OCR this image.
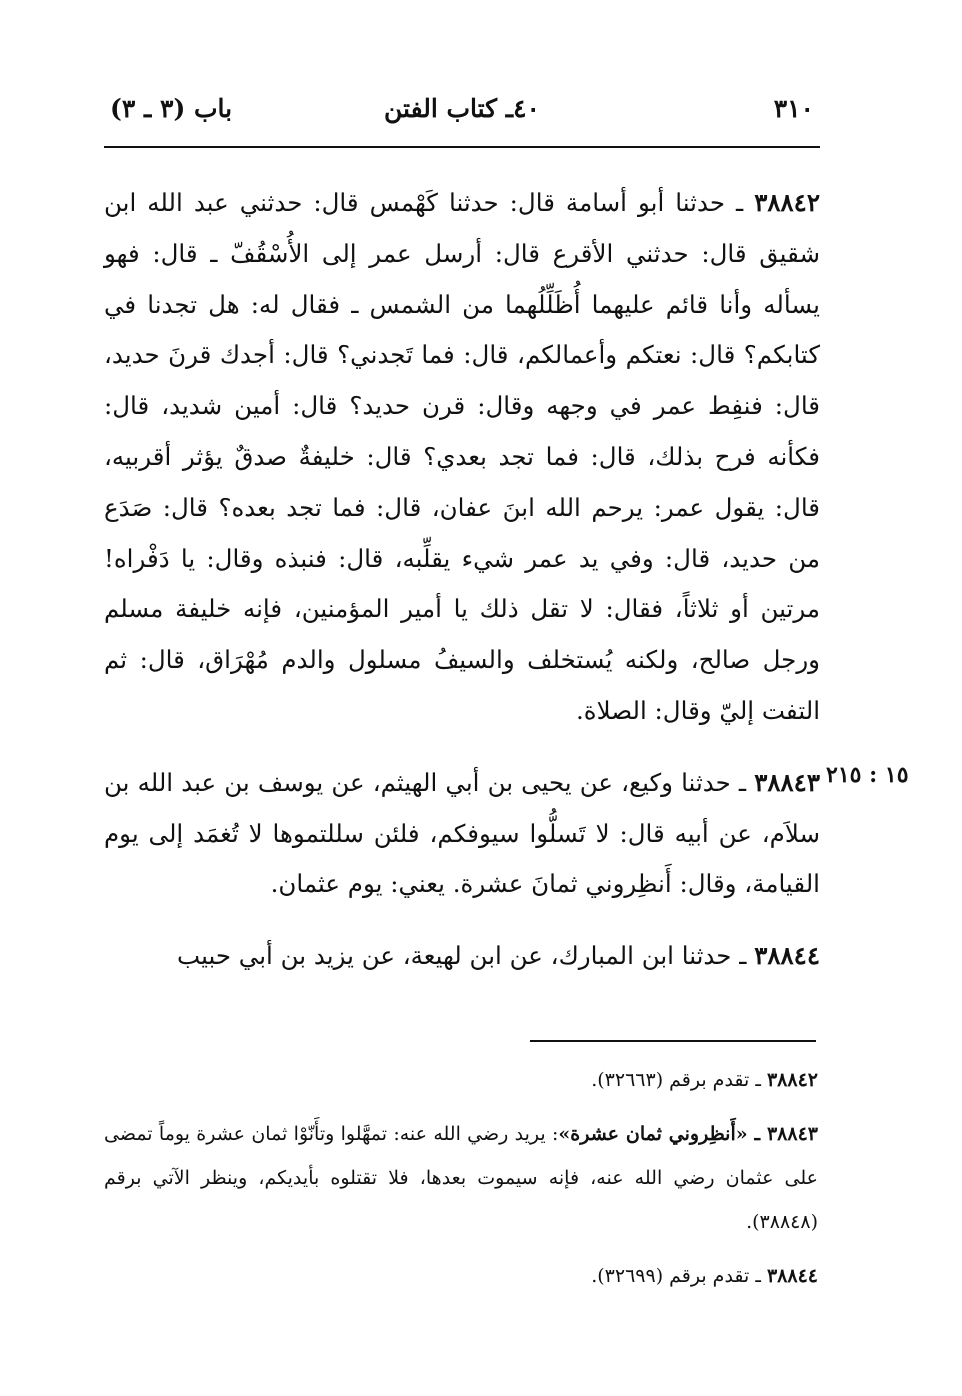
٣١٠
٤٠ـ كتاب الفتن
باب (٣ ـ ٣)
١٥ : ٢١٥

٣٨٨٤٢ ـ حدثنا أبو أسامة قال: حدثنا كَهْمس قال: حدثني عبد الله ابن شقيق قال: حدثني الأقرع قال: أرسل عمر إلى الأُسْقُفّ ـ قال: فهو يسأله وأنا قائم عليهما أُظَلِّلُهما من الشمس ـ فقال له: هل تجدنا في كتابكم؟ قال: نعتكم وأعمالكم، قال: فما تَجدني؟ قال: أجدك قرنَ حديد، قال: فنفِط عمر في وجهه وقال: قرن حديد؟ قال: أمين شديد، قال: فكأنه فرح بذلك، قال: فما تجد بعدي؟ قال: خليفةٌ صدقٌ يؤثر أقربيه، قال: يقول عمر: يرحم الله ابنَ عفان، قال: فما تجد بعده؟ قال: صَدَع من حديد، قال: وفي يد عمر شيء يقلِّبه، قال: فنبذه وقال: يا دَفْراه! مرتين أو ثلاثاً، فقال: لا تقل ذلك يا أمير المؤمنين، فإنه خليفة مسلم ورجل صالح، ولكنه يُستخلف والسيفُ مسلول والدم مُهْرَاق، قال: ثم التفت إليّ وقال: الصلاة.

٣٨٨٤٣ ـ حدثنا وكيع، عن يحيى بن أبي الهيثم، عن يوسف بن عبد الله بن سلاَم، عن أبيه قال: لا تَسلُّوا سيوفكم، فلئن سللتموها لا تُغمَد إلى يوم القيامة، وقال: أَنظِروني ثمانَ عشرة. يعني: يوم عثمان.

٣٨٨٤٤ ـ حدثنا ابن المبارك، عن ابن لهيعة، عن يزيد بن أبي حبيب

٣٨٨٤٢ ـ تقدم برقم (٣٢٦٦٣).

٣٨٨٤٣ ـ «أَنظِروني ثمان عشرة»: يريد رضي الله عنه: تمهَّلوا وتأَنّوْا ثمان عشرة يوماً تمضى على عثمان رضي الله عنه، فإنه سيموت بعدها، فلا تقتلوه بأيديكم، وينظر الآتي برقم (٣٨٨٤٨).

٣٨٨٤٤ ـ تقدم برقم (٣٢٦٩٩).
